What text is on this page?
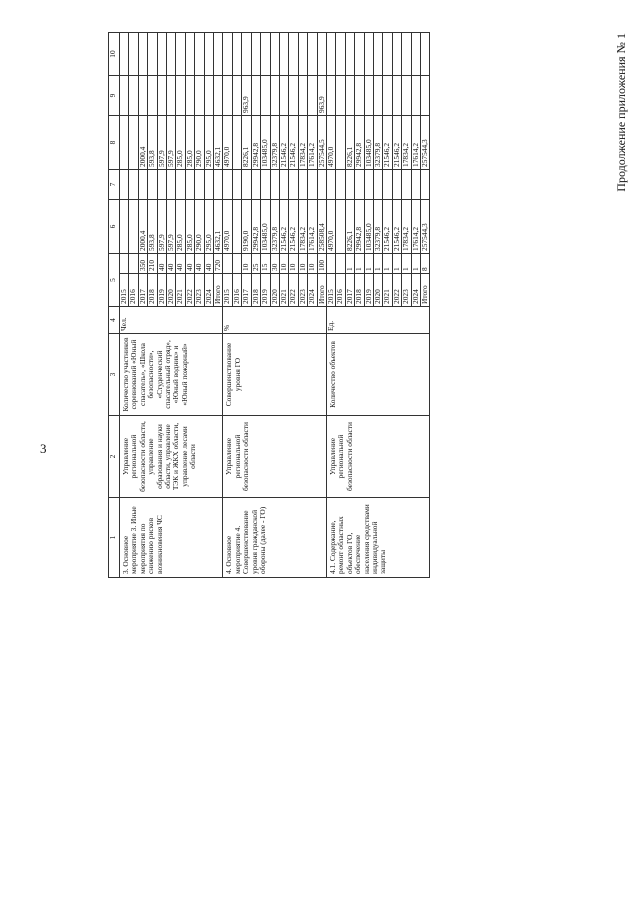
3
1	2	3	4	5		6	7	8	9	10
3. Основное мероприятие 3. Иные мероприятия по снижению рисков возникновения ЧС	Управление региональной безопасности области, управление образования и науки области, управление ТЭК и ЖКХ области, управление лесами области	Количество участников соревнований «Юный спасатель», «Школа безопасности», «Студенческий спасательный отряд», «Юный водник» и «Юный пожарный»	Чел.	2015						
				2016						
				2017	350	2000,4		2000,4		
				2018	210	593,8		593,8		
				2019	40	597,9		597,9		
				2020	40	597,9		597,9		
				2021	40	285,0		285,0		
				2022	40	285,0		285,0		
				2023	40	290,0		290,0		
				2024	40	295,0		295,0		
				Итого	720	4632,1		4632,1		
4. Основное мероприятие 4. Совершенствование уровня гражданской обороны (далее - ГО)	Управление региональной безопасности области	Совершенствование уровня ГО	%	2015		4970,0		4970,0		
				2016						
				2017	10	9190,0		8226,1	963,9	
				2018	25	29942,8		29942,8		
				2019	15	103485,0		103485,0		
				2020	30	32379,8		32379,8		
				2021	10	21546,2		21546,2		
				2022	10	21546,2		21546,2		
				2023	10	17834,2		17834,2		
				2024	10	17614,2		17614,2		
				Итого	100	258508,4		257544,5	963,9	
4.1. Содержание, ремонт областных объектов ГО, обеспечение населения средствами индивидуальной защиты	Управление региональной безопасности области	Количество объектов	Ед.	2015		4970,0		4970,0		
				2016						
				2017	1	8226,1		8226,1		
				2018	1	29942,8		29942,8		
				2019	1	103485,0		103485,0		
				2020	1	32379,8		32379,8		
				2021	1	21546,2		21546,2		
				2022	1	21546,2		21546,2		
				2023	1	17834,2		17834,2		
				2024	1	17614,2		17614,2		
				Итого	8	257544,3		257544,3			Продолжение приложения № 1
